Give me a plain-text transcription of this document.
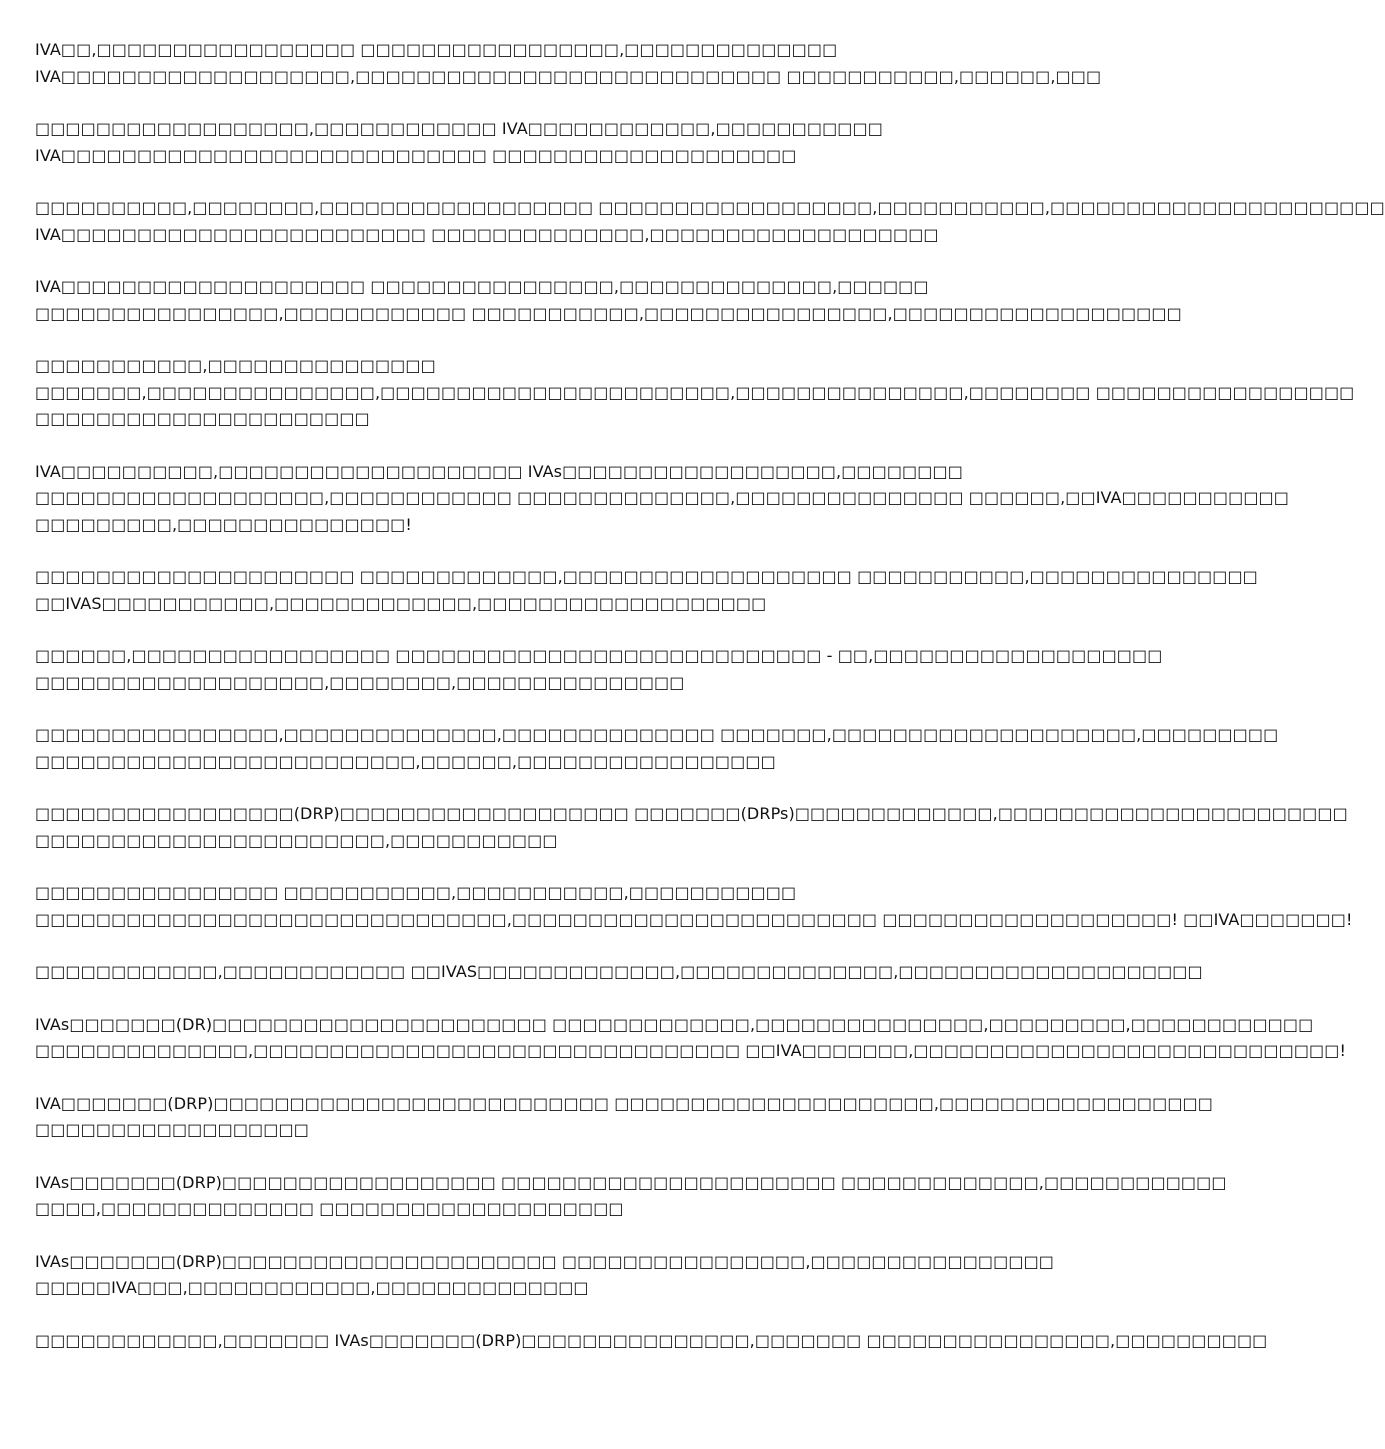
IVA□□,□□□□□□□□□□□□□□□□□ □□□□□□□□□□□□□□□□□,□□□□□□□□□□□□□□
IVA□□□□□□□□□□□□□□□□□□□,□□□□□□□□□□□□□□□□□□□□□□□□□□□□ □□□□□□□□□□□,□□□□□□,□□□

□□□□□□□□□□□□□□□□□□,□□□□□□□□□□□□ IVA□□□□□□□□□□□□,□□□□□□□□□□□
IVA□□□□□□□□□□□□□□□□□□□□□□□□□□□□ □□□□□□□□□□□□□□□□□□□□

□□□□□□□□□□,□□□□□□□□,□□□□□□□□□□□□□□□□□□ □□□□□□□□□□□□□□□□□□,□□□□□□□□□□□,□□□□□□□□□□□□□□□□□□□□□□
IVA□□□□□□□□□□□□□□□□□□□□□□□□ □□□□□□□□□□□□□□,□□□□□□□□□□□□□□□□□□□

IVA□□□□□□□□□□□□□□□□□□□□ □□□□□□□□□□□□□□□□,□□□□□□□□□□□□□□,□□□□□□
□□□□□□□□□□□□□□□□,□□□□□□□□□□□□ □□□□□□□□□□□,□□□□□□□□□□□□□□□□,□□□□□□□□□□□□□□□□□□□

□□□□□□□□□□□,□□□□□□□□□□□□□□□
□□□□□□□,□□□□□□□□□□□□□□□,□□□□□□□□□□□□□□□□□□□□□□□,□□□□□□□□□□□□□□□,□□□□□□□□ □□□□□□□□□□□□□□□□□
□□□□□□□□□□□□□□□□□□□□□□

IVA□□□□□□□□□□,□□□□□□□□□□□□□□□□□□□□ IVAs□□□□□□□□□□□□□□□□□□,□□□□□□□□
□□□□□□□□□□□□□□□□□□□,□□□□□□□□□□□□ □□□□□□□□□□□□□□,□□□□□□□□□□□□□□□ □□□□□□,□□IVA□□□□□□□□□□□
□□□□□□□□□,□□□□□□□□□□□□□□□!

□□□□□□□□□□□□□□□□□□□□□ □□□□□□□□□□□□□,□□□□□□□□□□□□□□□□□□□ □□□□□□□□□□□,□□□□□□□□□□□□□□□
□□IVAS□□□□□□□□□□□,□□□□□□□□□□□□□,□□□□□□□□□□□□□□□□□□□

□□□□□□,□□□□□□□□□□□□□□□□□ □□□□□□□□□□□□□□□□□□□□□□□□□□□□ - □□,□□□□□□□□□□□□□□□□□□□
□□□□□□□□□□□□□□□□□□□,□□□□□□□□,□□□□□□□□□□□□□□□

□□□□□□□□□□□□□□□□,□□□□□□□□□□□□□□,□□□□□□□□□□□□□□ □□□□□□□,□□□□□□□□□□□□□□□□□□□□,□□□□□□□□□
□□□□□□□□□□□□□□□□□□□□□□□□□,□□□□□□,□□□□□□□□□□□□□□□□□

□□□□□□□□□□□□□□□□□(DRP)□□□□□□□□□□□□□□□□□□□ □□□□□□□(DRPs)□□□□□□□□□□□□□,□□□□□□□□□□□□□□□□□□□□□□□
□□□□□□□□□□□□□□□□□□□□□□□,□□□□□□□□□□□

□□□□□□□□□□□□□□□□ □□□□□□□□□□□,□□□□□□□□□□□,□□□□□□□□□□□
□□□□□□□□□□□□□□□□□□□□□□□□□□□□□□□,□□□□□□□□□□□□□□□□□□□□□□□□ □□□□□□□□□□□□□□□□□□□! □□IVA□□□□□□□!

□□□□□□□□□□□□,□□□□□□□□□□□□ □□IVAS□□□□□□□□□□□□□,□□□□□□□□□□□□□□,□□□□□□□□□□□□□□□□□□□□

IVAs□□□□□□□(DR)□□□□□□□□□□□□□□□□□□□□□□ □□□□□□□□□□□□□,□□□□□□□□□□□□□□□,□□□□□□□□□,□□□□□□□□□□□□
□□□□□□□□□□□□□□,□□□□□□□□□□□□□□□□□□□□□□□□□□□□□□□□ □□IVA□□□□□□□,□□□□□□□□□□□□□□□□□□□□□□□□□□□□!

IVA□□□□□□□(DRP)□□□□□□□□□□□□□□□□□□□□□□□□□□ □□□□□□□□□□□□□□□□□□□□□,□□□□□□□□□□□□□□□□□□
□□□□□□□□□□□□□□□□□□

IVAs□□□□□□□(DRP)□□□□□□□□□□□□□□□□□□ □□□□□□□□□□□□□□□□□□□□□□ □□□□□□□□□□□□□,□□□□□□□□□□□□
□□□□,□□□□□□□□□□□□□□ □□□□□□□□□□□□□□□□□□□□

IVAs□□□□□□□(DRP)□□□□□□□□□□□□□□□□□□□□□□ □□□□□□□□□□□□□□□□,□□□□□□□□□□□□□□□□
□□□□□IVA□□□,□□□□□□□□□□□□,□□□□□□□□□□□□□□

□□□□□□□□□□□□,□□□□□□□ IVAs□□□□□□□(DRP)□□□□□□□□□□□□□□□,□□□□□□□ □□□□□□□□□□□□□□□□,□□□□□□□□□□
